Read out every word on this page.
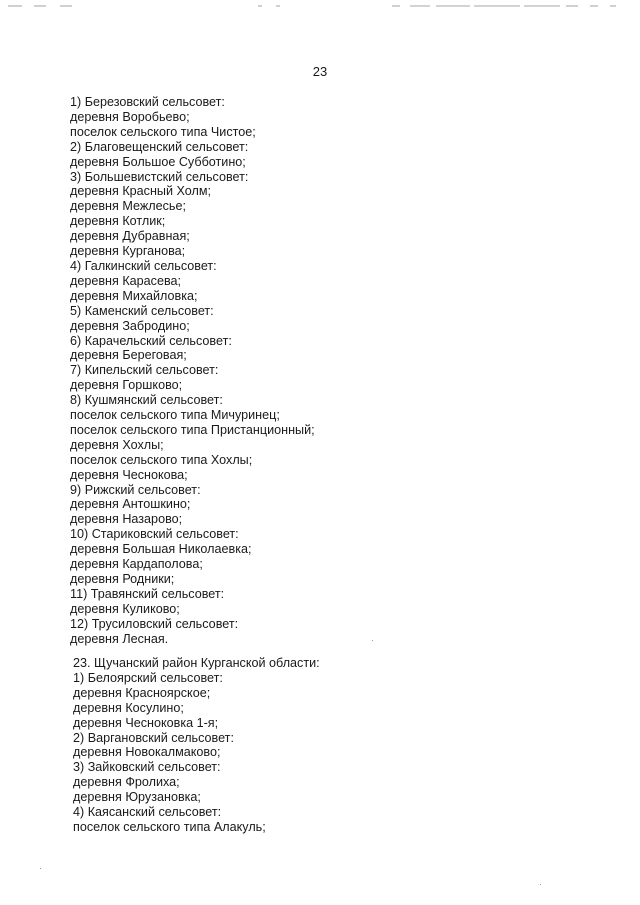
23
1) Березовский сельсовет:
деревня Воробьево;
поселок сельского типа Чистое;
2) Благовещенский сельсовет:
деревня Большое Субботино;
3) Большевистский сельсовет:
деревня Красный Холм;
деревня Межлесье;
деревня Котлик;
деревня Дубравная;
деревня Курганова;
4) Галкинский сельсовет:
деревня Карасева;
деревня Михайловка;
5) Каменский сельсовет:
деревня Забродино;
6) Карачельский сельсовет:
деревня Береговая;
7) Кипельский сельсовет:
деревня Горшково;
8) Кушмянский сельсовет:
поселок сельского типа Мичуринец;
поселок сельского типа Пристанционный;
деревня Хохлы;
поселок сельского типа Хохлы;
деревня Чеснокова;
9) Рижский сельсовет:
деревня Антошкино;
деревня Назарово;
10) Стариковский сельсовет:
деревня Большая Николаевка;
деревня Кардаполова;
деревня Родники;
11) Травянский сельсовет:
деревня Куликово;
12) Трусиловский сельсовет:
деревня Лесная.
23. Щучанский район Курганской области:
1) Белоярский сельсовет:
деревня Красноярское;
деревня Косулино;
деревня Чесноковка 1-я;
2) Варгановский сельсовет:
деревня Новокалмаково;
3) Зайковский сельсовет:
деревня Фролиха;
деревня Юрузановка;
4) Каясанский сельсовет:
поселок сельского типа Алакуль;
